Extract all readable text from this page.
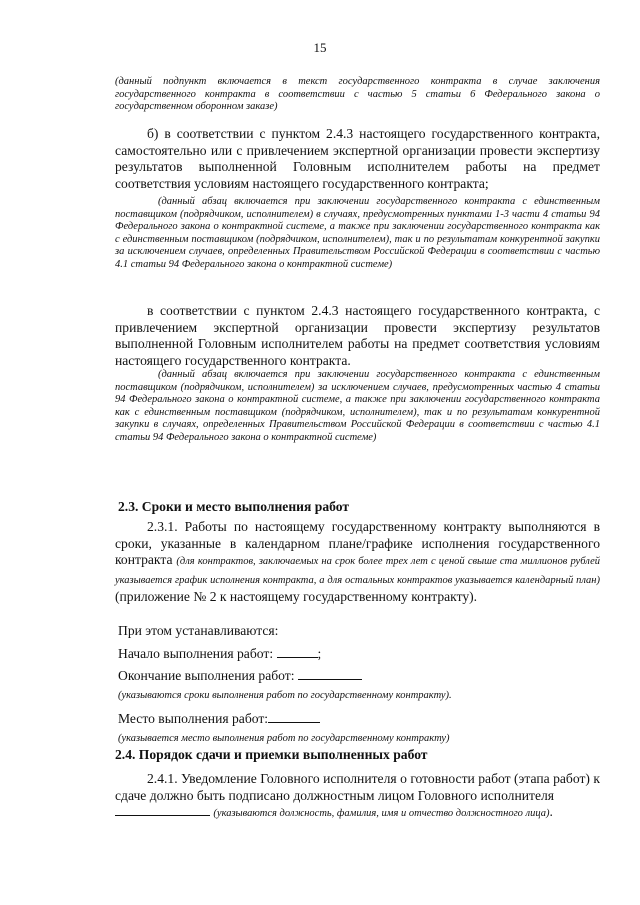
15

(данный подпункт включается в текст государственного контракта в случае заключения государственного контракта в соответствии с частью 5 статьи 6 Федерального закона о государственном оборонном заказе)

б) в соответствии с пунктом 2.4.3 настоящего государственного контракта, самостоятельно или с привлечением экспертной организации провести экспертизу результатов выполненной Головным исполнителем работы на предмет соответствия условиям настоящего государственного контракта;

(данный абзац включается при заключении государственного контракта с единственным поставщиком (подрядчиком, исполнителем) в случаях, предусмотренных пунктами 1-3 части 4 статьи 94 Федерального закона о контрактной системе, а также при заключении государственного контракта как с единственным поставщиком (подрядчиком, исполнителем), так и по результатам конкурентной закупки за исключением случаев, определенных Правительством Российской Федерации в соответствии с частью 4.1 статьи 94 Федерального закона о контрактной системе)

в соответствии с пунктом 2.4.3 настоящего государственного контракта, с привлечением экспертной организации провести экспертизу результатов выполненной Головным исполнителем работы на предмет соответствия условиям настоящего государственного контракта.

(данный абзац включается при заключении государственного контракта с единственным поставщиком (подрядчиком, исполнителем) за исключением случаев, предусмотренных частью 4 статьи 94 Федерального закона о контрактной системе, а также при заключении государственного контракта как с единственным поставщиком (подрядчиком, исполнителем), так и по результатам конкурентной закупки в случаях, определенных Правительством Российской Федерации в соответствии с частью 4.1 статьи 94 Федерального закона о контрактной системе)

2.3. Сроки и место выполнения работ

2.3.1. Работы по настоящему государственному контракту выполняются в сроки, указанные в календарном плане/графике исполнения государственного контракта (для контрактов, заключаемых на срок более трех лет с ценой свыше ста миллионов рублей указывается график исполнения контракта, а для остальных контрактов указывается календарный план) (приложение № 2 к настоящему государственному контракту).

При этом устанавливаются:

Начало выполнения работ:	;

Окончание выполнения работ:

(указываются сроки выполнения работ по государственному контракту).

Место выполнения работ:

(указывается место выполнения работ по государственному контракту)

2.4. Порядок сдачи и приемки выполненных работ

2.4.1. Уведомление Головного исполнителя о готовности работ (этапа работ) к сдаче должно быть подписано должностным лицом Головного исполнителя

(указываются должность, фамилия, имя и отчество должностного лица).
